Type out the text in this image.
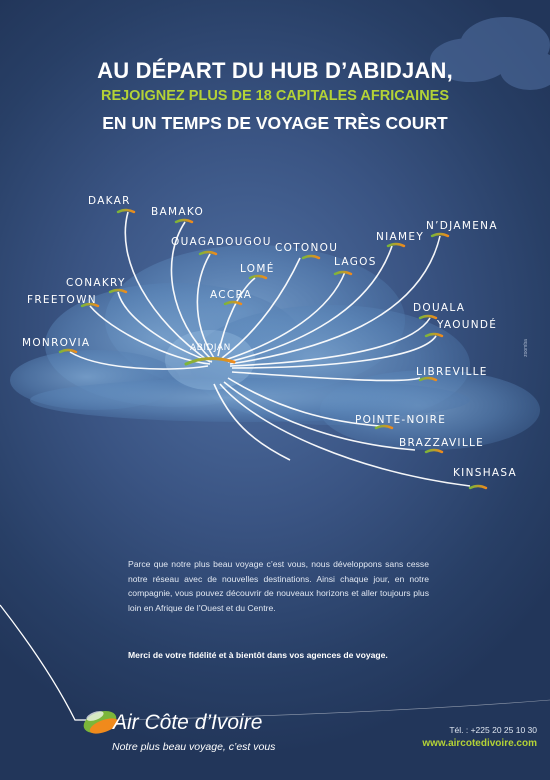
AU DÉPART DU HUB D’ABIDJAN,
REJOIGNEZ PLUS DE 18 CAPITALES AFRICAINES
EN UN TEMPS DE VOYAGE TRÈS COURT
DAKAR
BAMAKO
OUAGADOUGOU COTONOU
NIAMEY
N’DJAMENA
LOMÉ
LAGOS
CONAKRY
FREETOWN	ACCRA
DOUALA
YAOUNDÉ
MONROVIA
LIBREVILLE
POINTE-NOIRE
BRAZZAVILLE
KINSHASA
ABIDJAN
Parce que notre plus beau voyage c’est vous, nous développons sans cesse notre réseau avec de nouvelles destinations. Ainsi chaque jour, en notre compagnie, vous pouvez découvrir de nouveaux horizons et aller toujours plus loin en Afrique de l’Ouest et du Centre.
Merci de votre fidélité et à bientôt dans vos agences de voyage.
Air Côte d’Ivoire
Notre plus beau voyage, c’est vous
Tél. : +225 20 25 10 30
www.aircotedivoire.com
zoomba
